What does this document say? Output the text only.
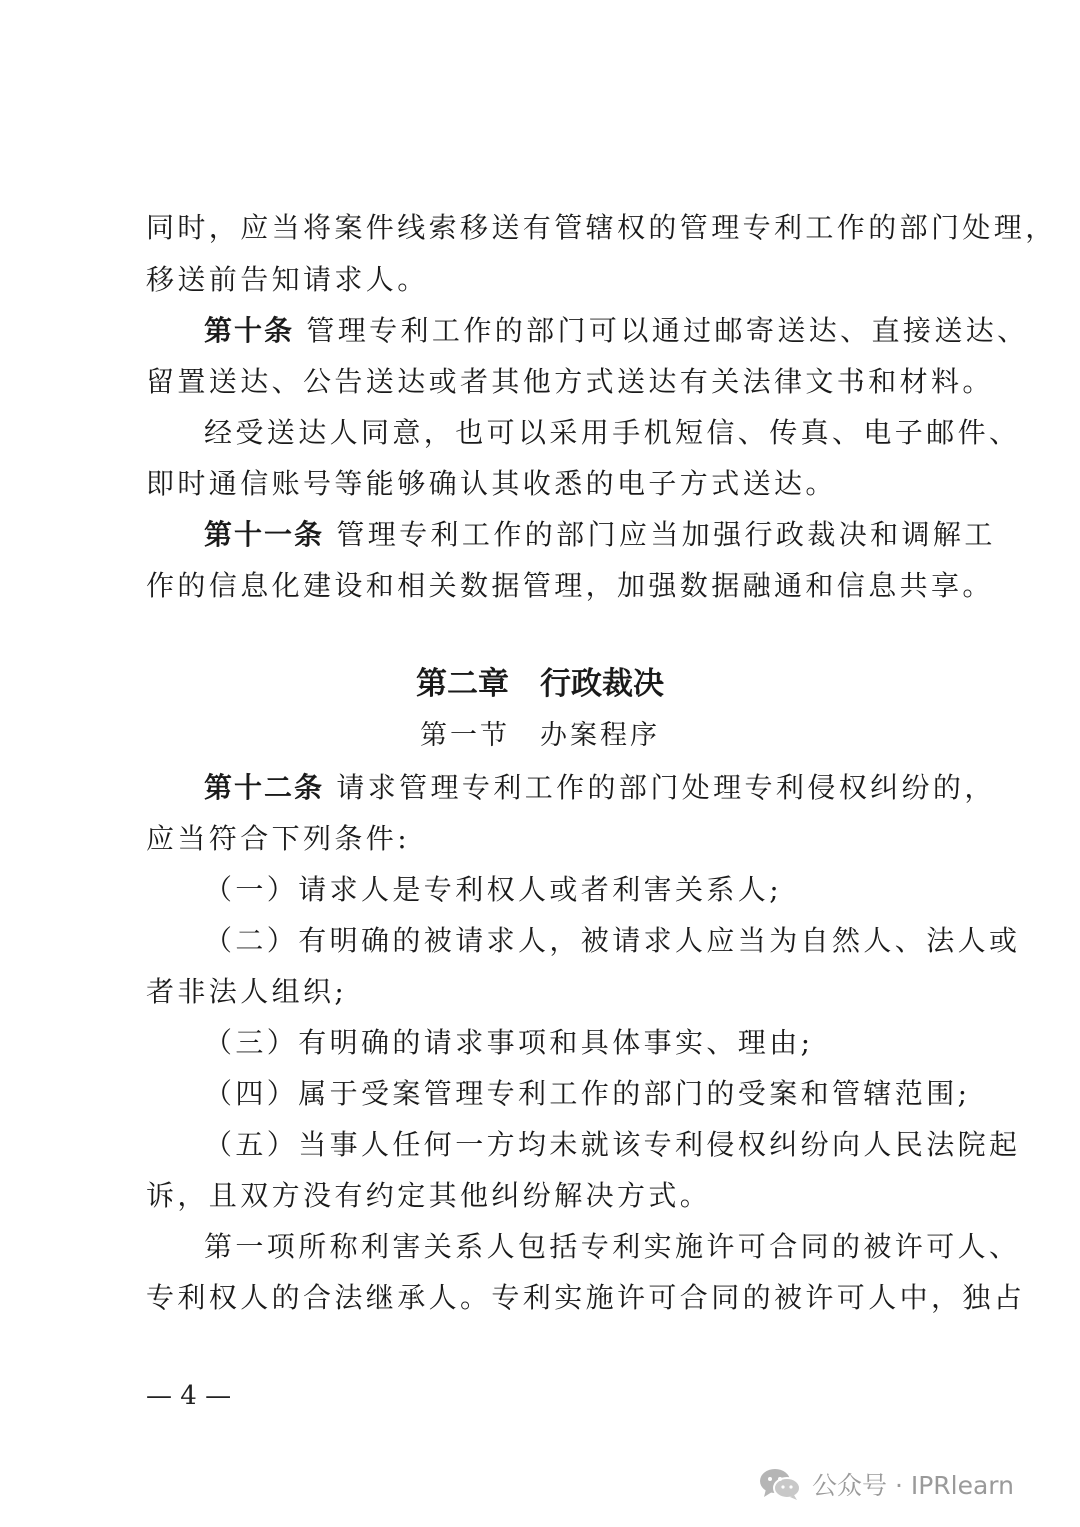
同时，应当将案件线索移送有管辖权的管理专利工作的部门处理，
移送前告知请求人。
第十条 管理专利工作的部门可以通过邮寄送达、直接送达、
留置送达、公告送达或者其他方式送达有关法律文书和材料。
经受送达人同意，也可以采用手机短信、传真、电子邮件、
即时通信账号等能够确认其收悉的电子方式送达。
第十一条 管理专利工作的部门应当加强行政裁决和调解工
作的信息化建设和相关数据管理，加强数据融通和信息共享。
第二章　行政裁决
第一节　办案程序
第十二条 请求管理专利工作的部门处理专利侵权纠纷的，
应当符合下列条件:
（一）请求人是专利权人或者利害关系人;
（二）有明确的被请求人，被请求人应当为自然人、法人或
者非法人组织;
（三）有明确的请求事项和具体事实、理由;
（四）属于受案管理专利工作的部门的受案和管辖范围;
（五）当事人任何一方均未就该专利侵权纠纷向人民法院起
诉，且双方没有约定其他纠纷解决方式。
第一项所称利害关系人包括专利实施许可合同的被许可人、
专利权人的合法继承人。专利实施许可合同的被许可人中，独占
— 4 —
公众号 · IPRlearn
